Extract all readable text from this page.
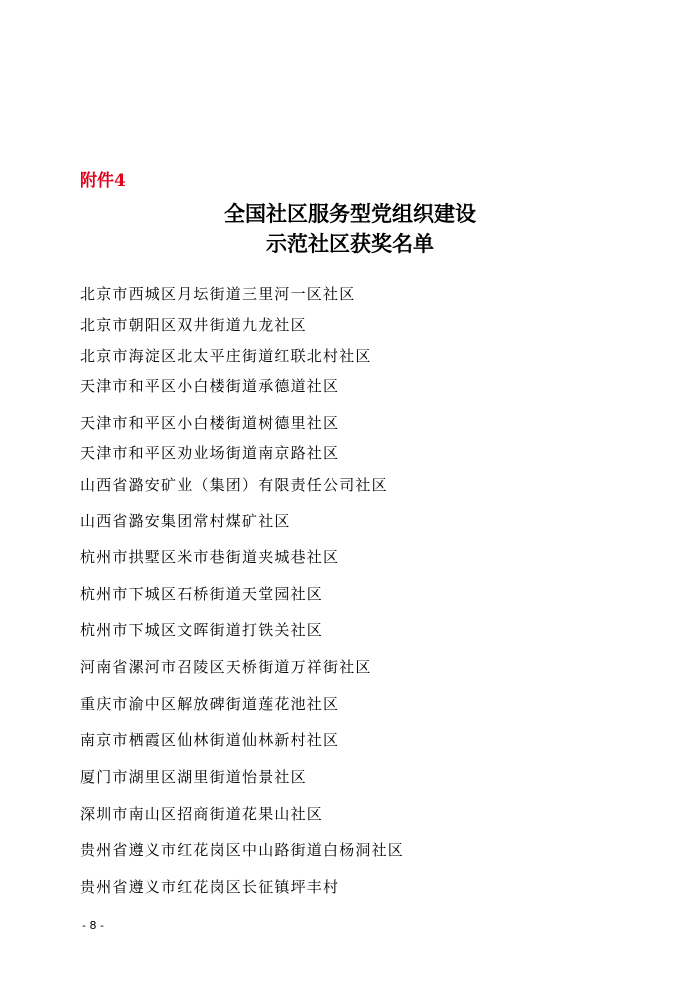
附件4
全国社区服务型党组织建设
示范社区获奖名单
北京市西城区月坛街道三里河一区社区
北京市朝阳区双井街道九龙社区
北京市海淀区北太平庄街道红联北村社区
天津市和平区小白楼街道承德道社区
天津市和平区小白楼街道树德里社区
天津市和平区劝业场街道南京路社区
山西省潞安矿业（集团）有限责任公司社区
山西省潞安集团常村煤矿社区
杭州市拱墅区米市巷街道夹城巷社区
杭州市下城区石桥街道天堂园社区
杭州市下城区文晖街道打铁关社区
河南省漯河市召陵区天桥街道万祥街社区
重庆市渝中区解放碑街道莲花池社区
南京市栖霞区仙林街道仙林新村社区
厦门市湖里区湖里街道怡景社区
深圳市南山区招商街道花果山社区
贵州省遵义市红花岗区中山路街道白杨洞社区
贵州省遵义市红花岗区长征镇坪丰村
- 8 -
